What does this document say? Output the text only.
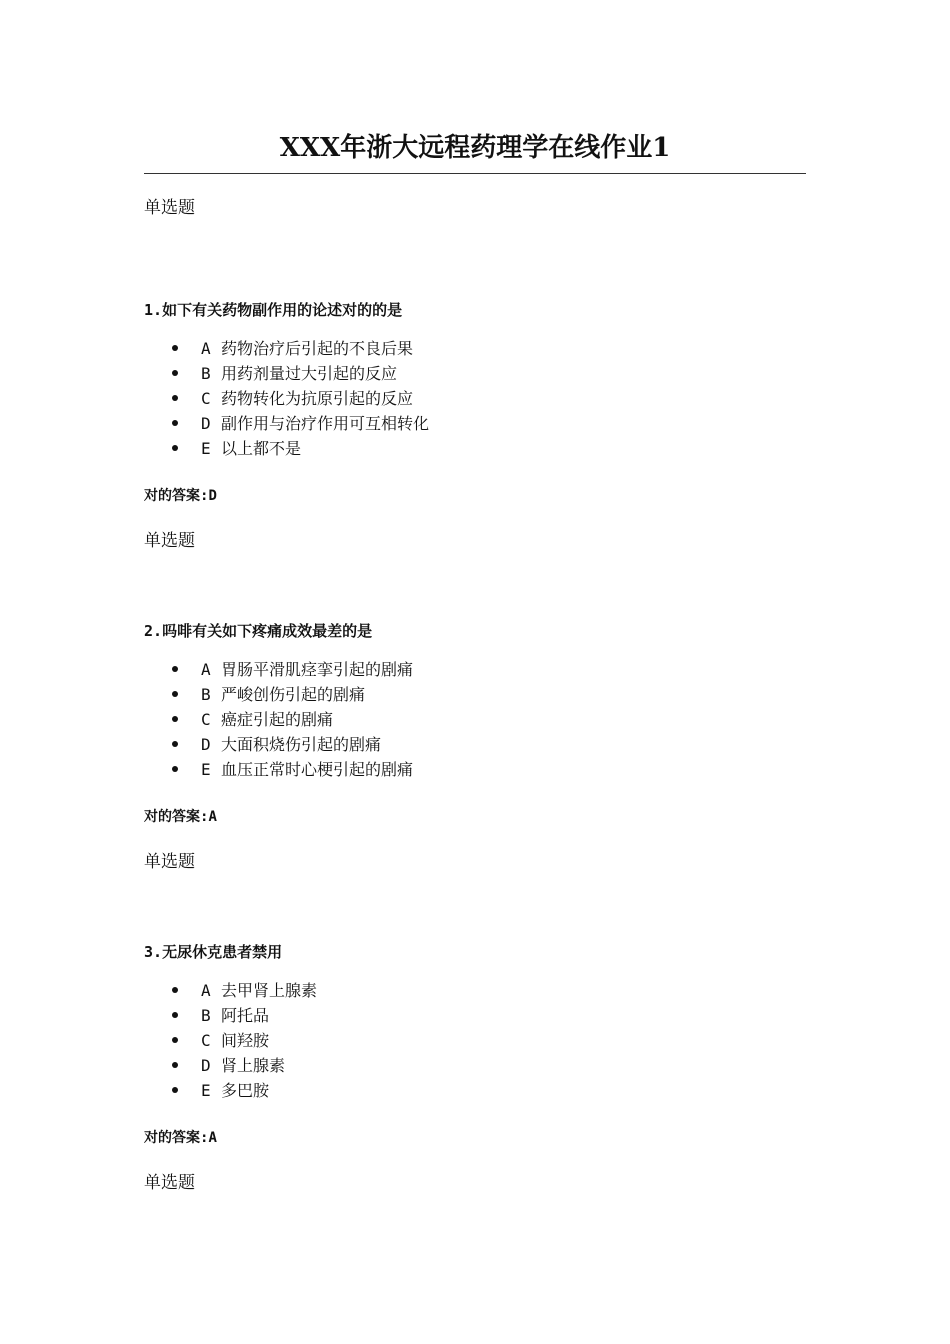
XXX年浙大远程药理学在线作业1

单选题

1.如下有关药物副作用的论述对的的是

A 药物治疗后引起的不良后果
B 用药剂量过大引起的反应
C 药物转化为抗原引起的反应
D 副作用与治疗作用可互相转化
E 以上都不是

对的答案:D

单选题

2.吗啡有关如下疼痛成效最差的是

A 胃肠平滑肌痉挛引起的剧痛
B 严峻创伤引起的剧痛
C 癌症引起的剧痛
D 大面积烧伤引起的剧痛
E 血压正常时心梗引起的剧痛

对的答案:A

单选题

3.无尿休克患者禁用

A 去甲肾上腺素
B 阿托品
C 间羟胺
D 肾上腺素
E 多巴胺

对的答案:A

单选题
